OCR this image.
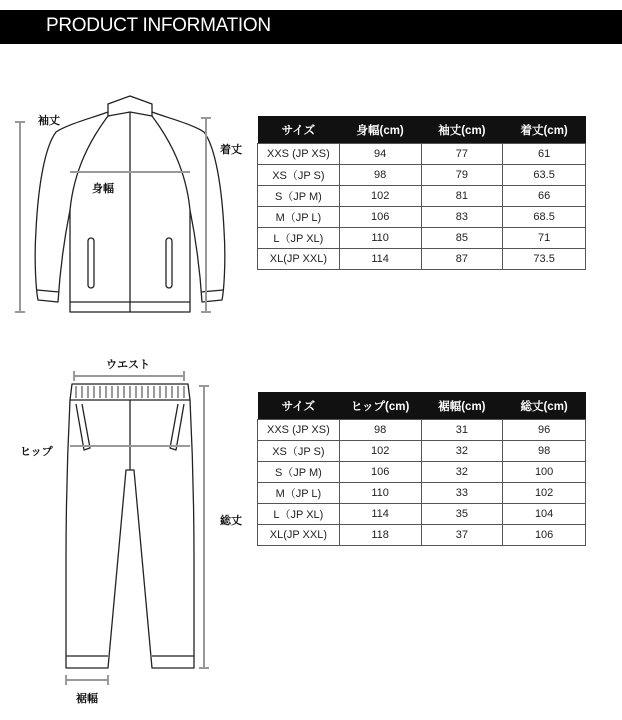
PRODUCT INFORMATION
袖丈
着丈
身幅
サイズ	身幅(cm)	袖丈(cm)	着丈(cm)
XXS (JP XS)	94	77	61
XS（JP S)	98	79	63.5
S（JP M)	102	81	66
M（JP L)	106	83	68.5
L（JP XL)	110	85	71
XL(JP XXL)	114	87	73.5
ウエスト
ヒップ
総丈
裾幅
サイズ	ヒップ(cm)	裾幅(cm)	総丈(cm)
XXS (JP XS)	98	31	96
XS（JP S)	102	32	98
S（JP M)	106	32	100
M（JP L)	110	33	102
L（JP XL)	114	35	104
XL(JP XXL)	118	37	106
